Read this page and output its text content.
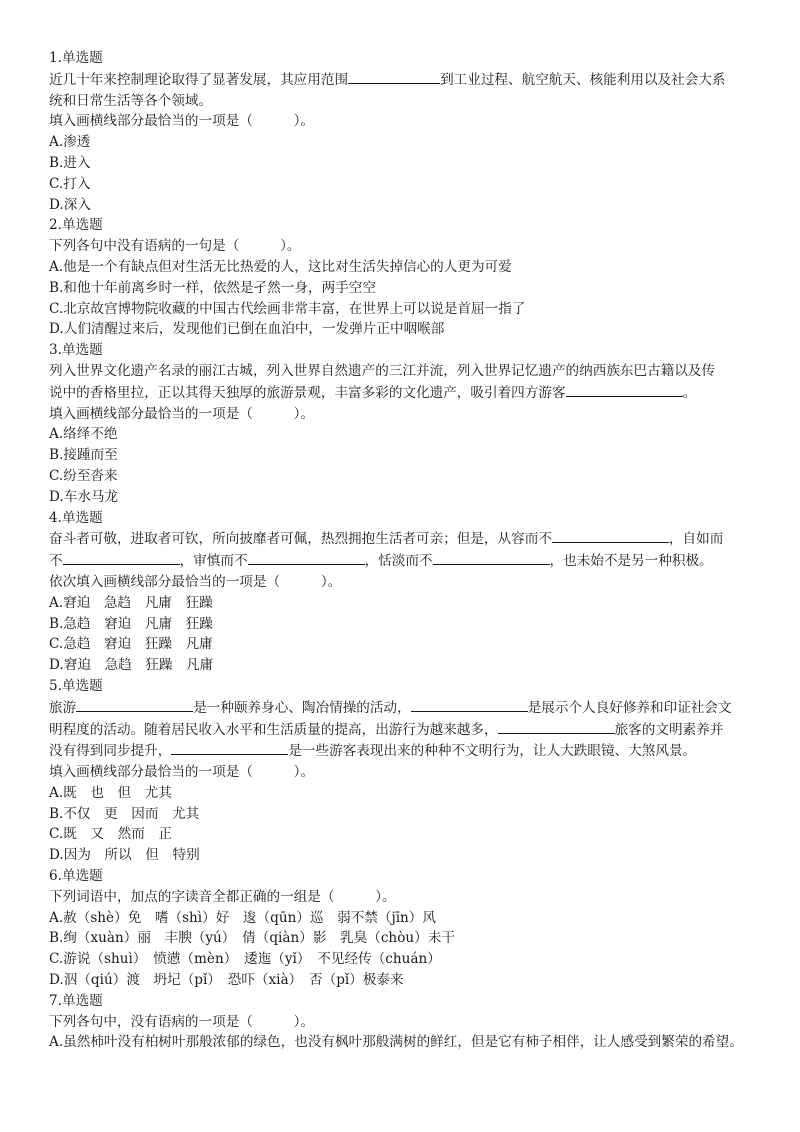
1.单选题
近几十年来控制理论取得了显著发展，其应用范围	到工业过程、航空航天、核能利用以及社会大系
统和日常生活等各个领域。
填入画横线部分最恰当的一项是（　　　）。
A.渗透
B.进入
C.打入
D.深入
2.单选题
下列各句中没有语病的一句是（　　　）。
A.他是一个有缺点但对生活无比热爱的人，这比对生活失掉信心的人更为可爱
B.和他十年前离乡时一样，依然是孑然一身，两手空空
C.北京故宫博物院收藏的中国古代绘画非常丰富，在世界上可以说是首屈一指了
D.人们清醒过来后，发现他们已倒在血泊中，一发弹片正中咽喉部
3.单选题
列入世界文化遗产名录的丽江古城，列入世界自然遗产的三江并流，列入世界记忆遗产的纳西族东巴古籍以及传
说中的香格里拉，正以其得天独厚的旅游景观，丰富多彩的文化遗产，吸引着四方游客	。
填入画横线部分最恰当的一项是（　　　）。
A.络绎不绝
B.接踵而至
C.纷至沓来
D.车水马龙
4.单选题
奋斗者可敬，进取者可钦，所向披靡者可佩，热烈拥抱生活者可亲；但是，从容而不	，自如而
不	，审慎而不	，恬淡而不	，也未始不是另一种积极。
依次填入画横线部分最恰当的一项是（　　　）。
A.窘迫　急趋　凡庸　狂躁
B.急趋　窘迫　凡庸　狂躁
C.急趋　窘迫　狂躁　凡庸
D.窘迫　急趋　狂躁　凡庸
5.单选题
旅游	是一种颐养身心、陶冶情操的活动，	是展示个人良好修养和印证社会文
明程度的活动。随着居民收入水平和生活质量的提高，出游行为越来越多，	旅客的文明素养并
没有得到同步提升，	是一些游客表现出来的种种不文明行为，让人大跌眼镜、大煞风景。
填入画横线部分最恰当的一项是（　　　）。
A.既　也　但　尤其
B.不仅　更　因而　尤其
C.既　又　然而　正
D.因为　所以　但　特别
6.单选题
下列词语中，加点的字读音全都正确的一组是（　　　）。
A.赦（shè）免　嗜（shì）好　逡（qūn）巡　弱不禁（jīn）风
B.绚（xuàn）丽　丰腴（yú）　倩（qiàn）影　乳臭（chòu）未干
C.游说（shuì）　愤懑（mèn）　逶迤（yǐ）　不见经传（chuán）
D.泅（qiú）渡　坍圮（pǐ）　恐吓（xià）　否（pǐ）极泰来
7.单选题
下列各句中，没有语病的一项是（　　　）。
A.虽然柿叶没有柏树叶那般浓郁的绿色，也没有枫叶那般满树的鲜红，但是它有柿子相伴，让人感受到繁荣的希望。
